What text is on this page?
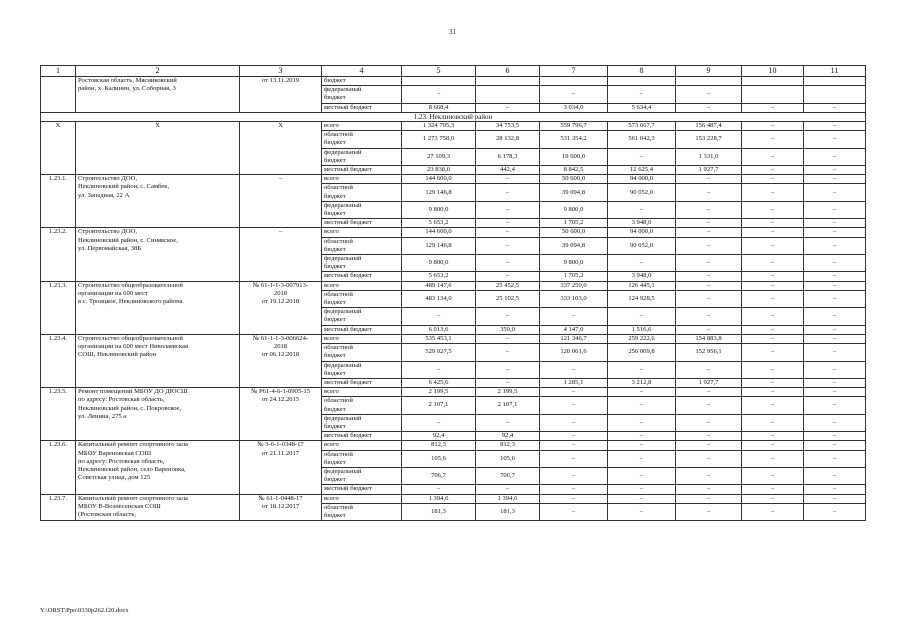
31
1	2	3	4	5	6	7	8	9	10	11
	Ростовская область, Мясниковский
район, х. Калинин, ул. Соборная, 3	от 13.11.2019	бюджет							
			федеральный
бюджет	–		–	–	–		
			местный бюджет	8 668,4	–	3 034,0	5 634,4	–	–	–
1.23. Неклиновский район										
Х	Х	Х	всего	1 324 705,3	34 753,5	559 796,7	573 667,7	156 487,4	–	–
			областной
бюджет	1 273 758,0	28 132,8	531 354,2	561 042,3	153 228,7	–	–
			федеральный
бюджет	27 109,3	6 178,3	19 600,0	–	1 331,0	–	–
			местный бюджет	23 838,0	442,4	8 842,5	12 625,4	1 927,7	–	–
1.23.1.	Строительство ДОО,
Неклиновский район, с. Самбек,
ул. Западная, 22 А	–	всего	144 600,0	–	50 600,0	94 000,0	–	–	–
			областной
бюджет	129 146,8	–	39 094,8	90 052,0	–	–	–
			федеральный
бюджет	9 800,0	–	9 800,0	–	–	–	–
			местный бюджет	5 653,2	–	1 705,2	3 948,0	–	–	–
1.23.2.	Строительство ДОО,
Неклиновский район, с. Синявское,
ул. Первомайская, 38Б	–	всего	144 600,0	–	50 600,0	94 000,0	–	–	–
			областной
бюджет	129 146,8	–	39 094,8	90 052,0	–	–	–
			федеральный
бюджет	9 800,0	–	9 800,0	–	–	–	–
			местный бюджет	5 653,2	–	1 705,2	3 948,0	–	–	–
1.23.3.	Строительство общеобразовательной
организации на 600 мест
в с. Троицкое, Неклиновского района	№ 61-1-1-3-007913-
2018
от 19.12.2018	всего	489 147,6	25 452,5	337 250,0	126 445,1	–	–	–
			областной
бюджет	483 134,0	25 102,5	333 103,0	124 928,5	–	–	–
			федеральный
бюджет	–	–	–	–	–	–	–
			местный бюджет	6 013,6	350,0	4 147,0	1 516,6	–	–	–
1.23.4.	Строительство общеобразовательной
организации на 600 мест Николаевская
СОШ, Неклиновский район	№ 61-1-1-3-006624-
2018
от 06.12.2018	всего	535 453,1	–	121 346,7	259 222,6	154 883,8	–	–
			областной
бюджет	529 027,5	–	120 061,6	256 009,8	152 956,1	–	–
			федеральный
бюджет	–	–	–	–	–	–	–
			местный бюджет	6 425,6	–	1 285,1	3 212,8	1 927,7	–	–
1.23.5.	Ремонт помещений МБОУ ДО ДЮСШ
по адресу: Ростовская область,
Неклиновский район, с. Покровское,
ул. Ленина, 275 а	№ Р61-4-6-1-0905-15
от 24.12.2015	всего	2 199,5	2 199,5	–	–	–	–	–
			областной
бюджет	2 107,1	2 107,1	–	–	–	–	–
			федеральный
бюджет	–	–	–	–	–	–	–
			местный бюджет	92,4	92,4	–	–	–	–	–
1.23.6.	Капитальный ремонт спортивного зала
МБОУ Вареновская СОШ
по адресу: Ростовская область,
Неклиновский район, село Вареновка,
Советская улица, дом 125	№ 3-6-1-0348-17
от 21.11.2017	всего	812,3	812,3	–	–	–	–	–
			областной
бюджет	105,6	105,6	–	–	–	–	–
			федеральный
бюджет	706,7	706,7	–	–	–	–	–
			местный бюджет	–	–	–	–	–	–	–
1.23.7.	Капитальный ремонт спортивного зала
МБОУ В-Вознесенская СОШ
(Ростовская область,	№ 61-1-0448-17
от 18.12.2017	всего	1 394,6	1 394,6	–	–	–	–	–
			областной
бюджет	181,3	181,3	–	–	–	–	–
Y:\ORST\Ppo\0330p262.f20.docx
